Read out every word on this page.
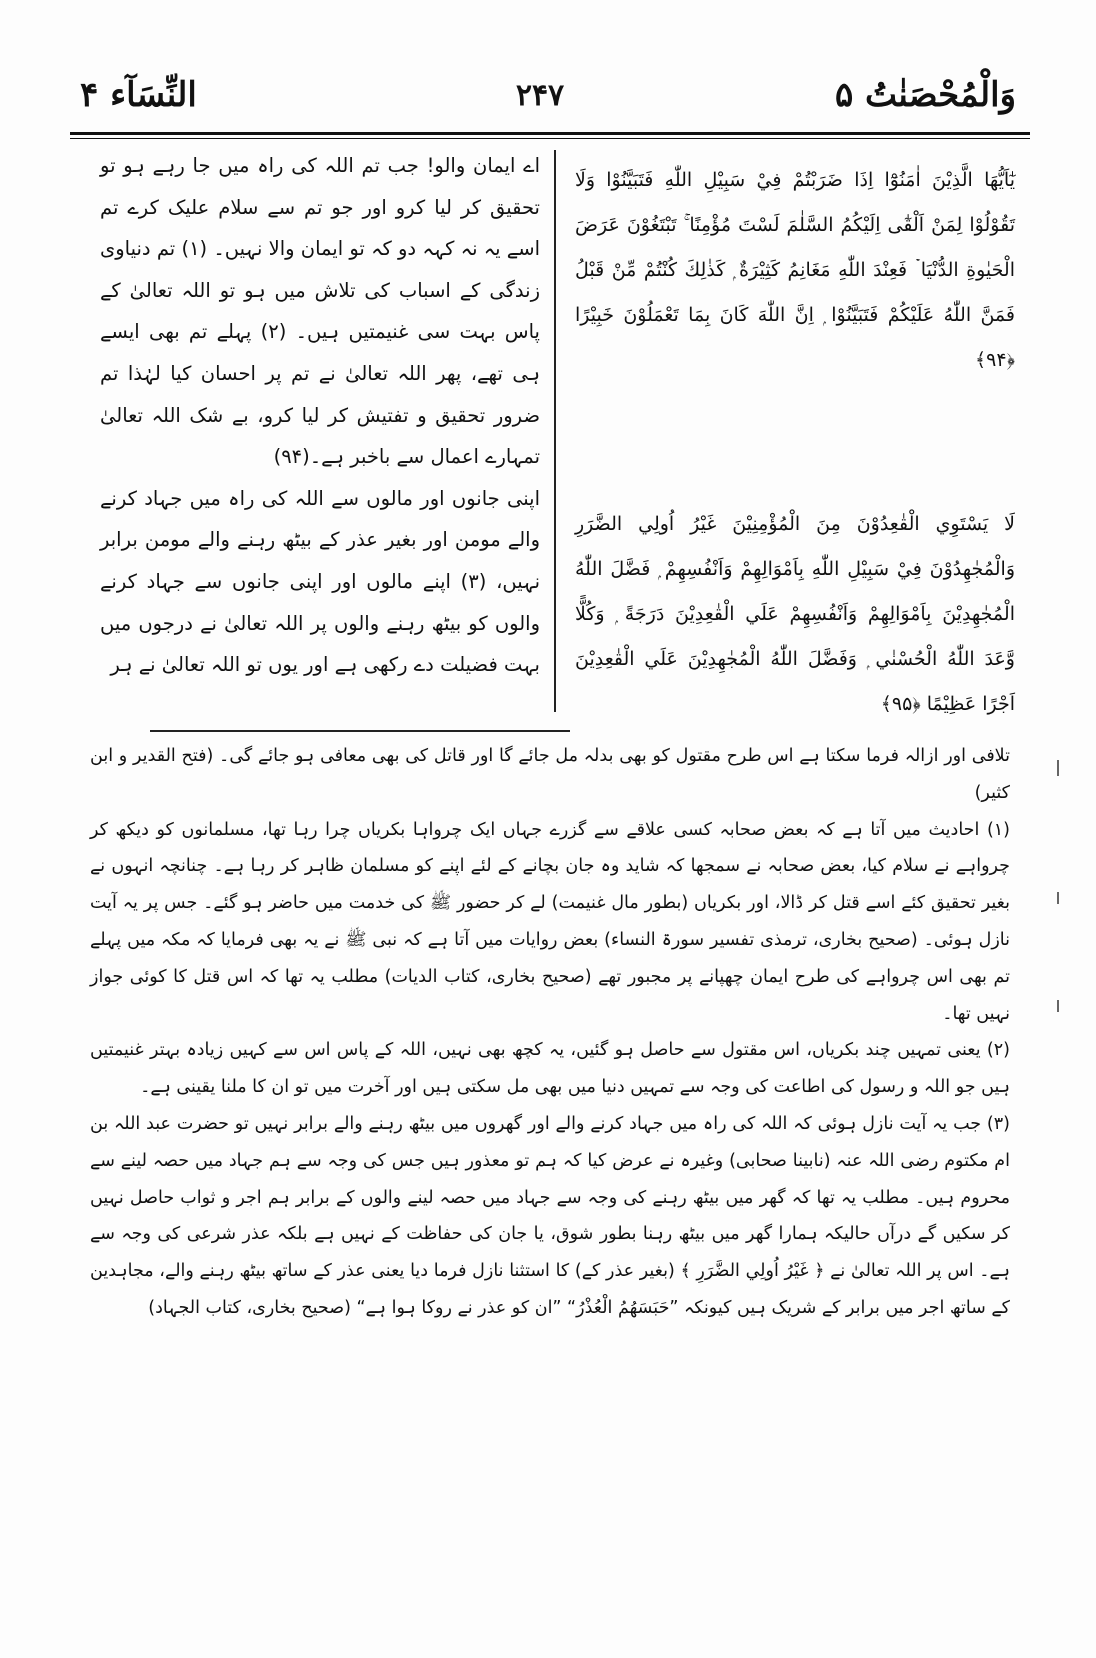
وَالْمُحْصَنٰتُ ۵
۲۴۷
النِّسَآء ۴
يٰٓاَيُّهَا الَّذِيْنَ اٰمَنُوْٓا اِذَا ضَرَبْتُمْ فِيْ سَبِيْلِ اللّٰهِ فَتَبَيَّنُوْا وَلَا تَقُوْلُوْا لِمَنْ اَلْقٰٓى اِلَيْكُمُ السَّلٰمَ لَسْتَ مُؤْمِنًا ۚ تَبْتَغُوْنَ عَرَضَ الْحَيٰوةِ الدُّنْيَا ۡ فَعِنْدَ اللّٰهِ مَغَانِمُ كَثِيْرَةٌ ۭ كَذٰلِكَ كُنْتُمْ مِّنْ قَبْلُ فَمَنَّ اللّٰهُ عَلَيْكُمْ فَتَبَيَّنُوْا ۭ اِنَّ اللّٰهَ كَانَ بِمَا تَعْمَلُوْنَ خَبِيْرًا ﴿۹۴﴾
لَا يَسْتَوِي الْقٰعِدُوْنَ مِنَ الْمُؤْمِنِيْنَ غَيْرُ اُولِي الضَّرَرِ وَالْمُجٰهِدُوْنَ فِيْ سَبِيْلِ اللّٰهِ بِاَمْوَالِهِمْ وَاَنْفُسِهِمْ ۭ فَضَّلَ اللّٰهُ الْمُجٰهِدِيْنَ بِاَمْوَالِهِمْ وَاَنْفُسِهِمْ عَلَي الْقٰعِدِيْنَ دَرَجَةً ۭ وَكُلًّا وَّعَدَ اللّٰهُ الْحُسْنٰي ۭ وَفَضَّلَ اللّٰهُ الْمُجٰهِدِيْنَ عَلَي الْقٰعِدِيْنَ اَجْرًا عَظِيْمًا ﴿۹۵﴾

اے ایمان والو! جب تم اللہ کی راہ میں جا رہے ہو تو تحقیق کر لیا کرو اور جو تم سے سلام علیک کرے تم اسے یہ نہ کہہ دو کہ تو ایمان والا نہیں۔ (۱) تم دنیاوی زندگی کے اسباب کی تلاش میں ہو تو اللہ تعالیٰ کے پاس بہت سی غنیمتیں ہیں۔ (۲) پہلے تم بھی ایسے ہی تھے، پھر اللہ تعالیٰ نے تم پر احسان کیا لہٰذا تم ضرور تحقیق و تفتیش کر لیا کرو، بے شک اللہ تعالیٰ تمہارے اعمال سے باخبر ہے۔(۹۴)

اپنی جانوں اور مالوں سے اللہ کی راہ میں جہاد کرنے والے مومن اور بغیر عذر کے بیٹھ رہنے والے مومن برابر نہیں، (۳) اپنے مالوں اور اپنی جانوں سے جہاد کرنے والوں کو بیٹھ رہنے والوں پر اللہ تعالیٰ نے درجوں میں بہت فضیلت دے رکھی ہے اور یوں تو اللہ تعالیٰ نے ہر

تلافی اور ازالہ فرما سکتا ہے اس طرح مقتول کو بھی بدلہ مل جائے گا اور قاتل کی بھی معافی ہو جائے گی۔ (فتح القدیر و ابن کثیر)

(۱) احادیث میں آتا ہے کہ بعض صحابہ کسی علاقے سے گزرے جہاں ایک چرواہا بکریاں چرا رہا تھا، مسلمانوں کو دیکھ کر چرواہے نے سلام کیا، بعض صحابہ نے سمجھا کہ شاید وہ جان بچانے کے لئے اپنے کو مسلمان ظاہر کر رہا ہے۔ چنانچہ انہوں نے بغیر تحقیق کئے اسے قتل کر ڈالا، اور بکریاں (بطور مال غنیمت) لے کر حضور ﷺ کی خدمت میں حاضر ہو گئے۔ جس پر یہ آیت نازل ہوئی۔ (صحیح بخاری، ترمذی تفسیر سورۃ النساء) بعض روایات میں آتا ہے کہ نبی ﷺ نے یہ بھی فرمایا کہ مکہ میں پہلے تم بھی اس چرواہے کی طرح ایمان چھپانے پر مجبور تھے (صحیح بخاری، کتاب الدیات) مطلب یہ تھا کہ اس قتل کا کوئی جواز نہیں تھا۔

(۲) یعنی تمہیں چند بکریاں، اس مقتول سے حاصل ہو گئیں، یہ کچھ بھی نہیں، اللہ کے پاس اس سے کہیں زیادہ بہتر غنیمتیں ہیں جو اللہ و رسول کی اطاعت کی وجہ سے تمہیں دنیا میں بھی مل سکتی ہیں اور آخرت میں تو ان کا ملنا یقینی ہے۔

(۳) جب یہ آیت نازل ہوئی کہ اللہ کی راہ میں جہاد کرنے والے اور گھروں میں بیٹھ رہنے والے برابر نہیں تو حضرت عبد اللہ بن ام مکتوم رضی اللہ عنہ (نابینا صحابی) وغیرہ نے عرض کیا کہ ہم تو معذور ہیں جس کی وجہ سے ہم جہاد میں حصہ لینے سے محروم ہیں۔ مطلب یہ تھا کہ گھر میں بیٹھ رہنے کی وجہ سے جہاد میں حصہ لینے والوں کے برابر ہم اجر و ثواب حاصل نہیں کر سکیں گے درآں حالیکہ ہمارا گھر میں بیٹھ رہنا بطور شوق، یا جان کی حفاظت کے نہیں ہے بلکہ عذر شرعی کی وجہ سے ہے۔ اس پر اللہ تعالیٰ نے ﴿ غَيْرُ اُولِي الضَّرَرِ ﴾ (بغیر عذر کے) کا استثنا نازل فرما دیا یعنی عذر کے ساتھ بیٹھ رہنے والے، مجاہدین کے ساتھ اجر میں برابر کے شریک ہیں کیونکہ ”حَبَسَهُمُ الْعُذْرُ“ ”ان کو عذر نے روکا ہوا ہے“ (صحیح بخاری، کتاب الجہاد)
